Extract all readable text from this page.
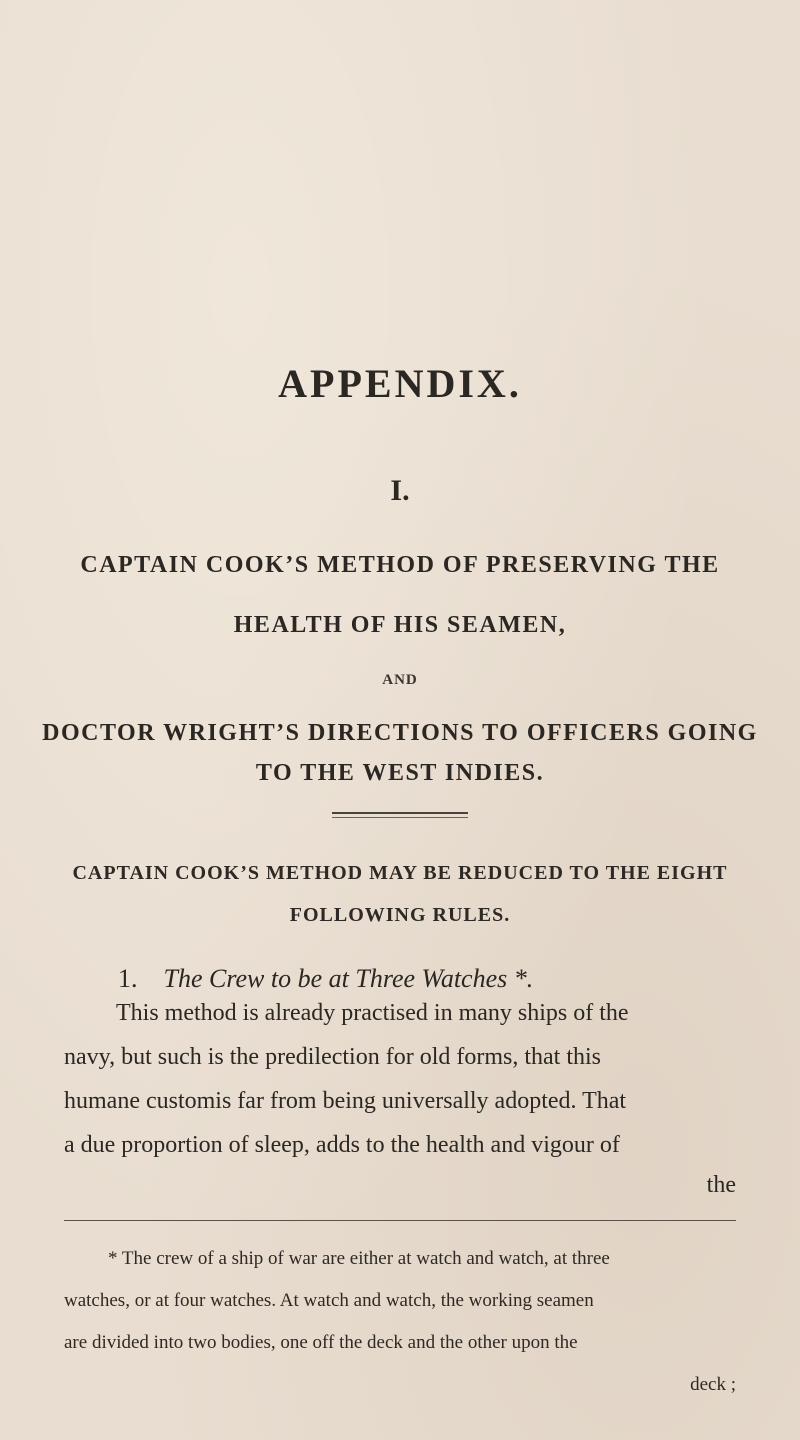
APPENDIX.
I.
CAPTAIN COOK’S METHOD OF PRESERVING THE
HEALTH OF HIS SEAMEN,
AND
DOCTOR WRIGHT’S DIRECTIONS TO OFFICERS GOING
TO THE WEST INDIES.
CAPTAIN COOK’S METHOD MAY BE REDUCED TO THE EIGHT
FOLLOWING RULES.
1. The Crew to be at Three Watches *.
This method is already practised in many ships of the
navy, but such is the predilection for old forms, that this
humane customis far from being universally adopted. That
a due proportion of sleep, adds to the health and vigour of
the
* The crew of a ship of war are either at watch and watch, at three
watches, or at four watches. At watch and watch, the working seamen
are divided into two bodies, one off the deck and the other upon the
deck ;
